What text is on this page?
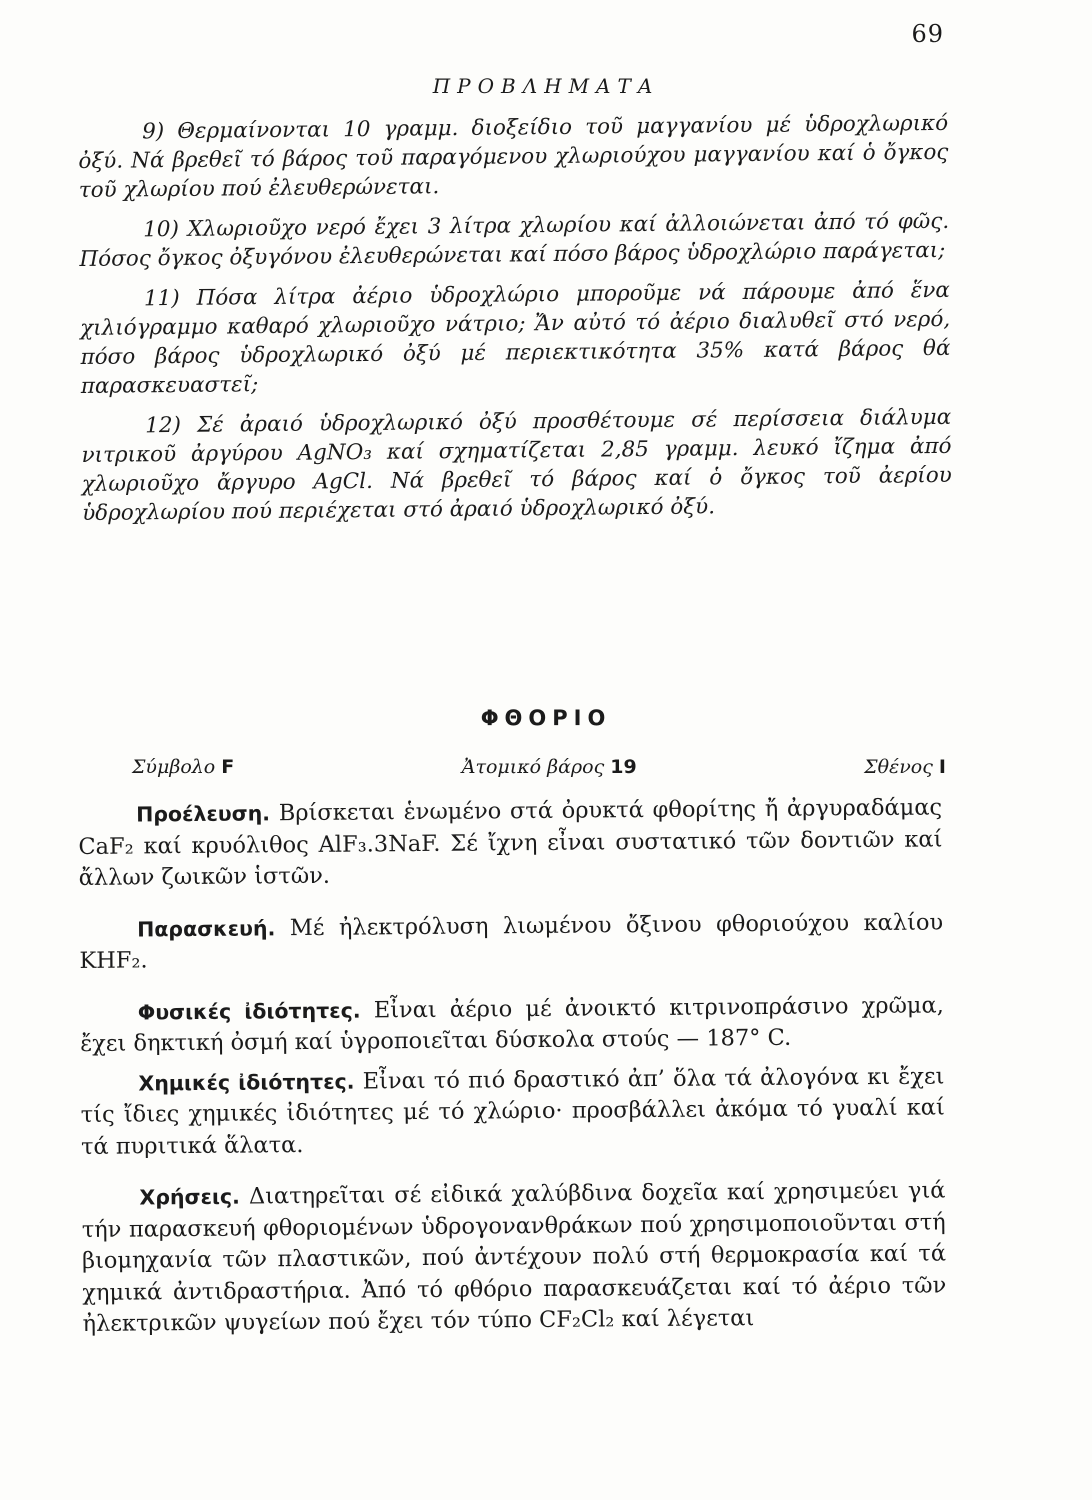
69
ΠΡΟΒΛΗΜΑΤΑ

9) Θερμαίνονται 10 γραμμ. διοξείδιο τοῦ μαγγανίου μέ ὑδροχλωρικό ὀξύ. Νά βρεθεῖ τό βάρος τοῦ παραγόμενου χλωριούχου μαγγανίου καί ὁ ὄγκος τοῦ χλωρίου πού ἐλευθερώνεται.

10) Χλωριοῦχο νερό ἔχει 3 λίτρα χλωρίου καί ἀλλοιώνεται ἀπό τό φῶς. Πόσος ὄγκος ὀξυγόνου ἐλευθερώνεται καί πόσο βάρος ὑδροχλώριο παράγεται;

11) Πόσα λίτρα ἀέριο ὑδροχλώριο μποροῦμε νά πάρουμε ἀπό ἕνα χιλιόγραμμο καθαρό χλωριοῦχο νάτριο; Ἄν αὐτό τό ἀέριο διαλυθεῖ στό νερό, πόσο βάρος ὑδροχλωρικό ὀξύ μέ περιεκτικότητα 35% κατά βάρος θά παρασκευαστεῖ;

12) Σέ ἀραιό ὑδροχλωρικό ὀξύ προσθέτουμε σέ περίσσεια διάλυμα νιτρικοῦ ἀργύρου AgNO₃ καί σχηματίζεται 2,85 γραμμ. λευκό ἴζημα ἀπό χλωριοῦχο ἄργυρο AgCl. Νά βρεθεῖ τό βάρος καί ὁ ὄγκος τοῦ ἀερίου ὑδροχλωρίου πού περιέχεται στό ἀραιό ὑδροχλωρικό ὀξύ.

ΦΘΟΡΙΟ
Σύμβολο F	Ἀτομικό βάρος 19	Σθένος I

Προέλευση. Βρίσκεται ἑνωμένο στά ὀρυκτά φθορίτης ἤ ἀργυραδάμας CaF₂ καί κρυόλιθος AlF₃.3NaF. Σέ ἴχνη εἶναι συστατικό τῶν δοντιῶν καί ἄλλων ζωικῶν ἱστῶν.

Παρασκευή. Μέ ἠλεκτρόλυση λιωμένου ὄξινου φθοριούχου καλίου KHF₂.

Φυσικές ἰδιότητες. Εἶναι ἀέριο μέ ἀνοικτό κιτρινοπράσινο χρῶμα, ἔχει δηκτική ὀσμή καί ὑγροποιεῖται δύσκολα στούς — 187° C.

Χημικές ἰδιότητες. Εἶναι τό πιό δραστικό ἀπ’ ὅλα τά ἀλογόνα κι ἔχει τίς ἴδιες χημικές ἰδιότητες μέ τό χλώριο· προσβάλλει ἀκόμα τό γυαλί καί τά πυριτικά ἅλατα.

Χρήσεις. Διατηρεῖται σέ εἰδικά χαλύβδινα δοχεῖα καί χρησιμεύει γιά τήν παρασκευή φθοριομένων ὑδρογονανθράκων πού χρησιμοποιοῦνται στή βιομηχανία τῶν πλαστικῶν, πού ἀντέχουν πολύ στή θερμοκρασία καί τά χημικά ἀντιδραστήρια. Ἀπό τό φθόριο παρασκευάζεται καί τό ἀέριο τῶν ἠλεκτρικῶν ψυγείων πού ἔχει τόν τύπο CF₂Cl₂ καί λέγεται
